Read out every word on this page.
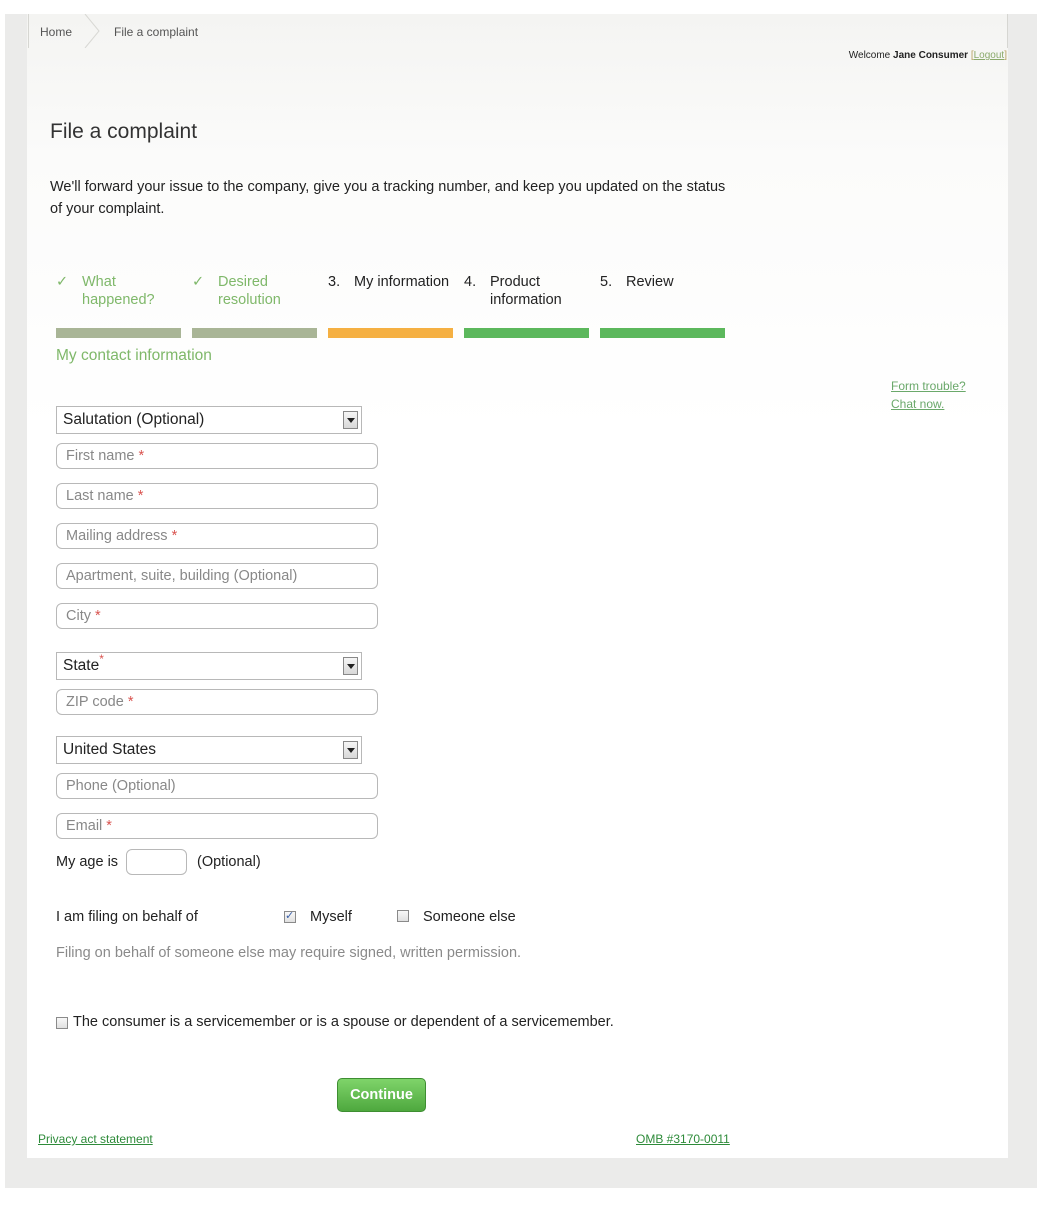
Home	File a complaint
Welcome Jane Consumer [Logout]
File a complaint

We'll forward your issue to the company, give you a tracking number, and keep you updated on the status of your complaint.

✓ What happened?
✓ Desired resolution
3. My information	4. Product information
5. Review
My contact information
Form trouble?
Chat now.
Salutation (Optional)
First name *
Last name *
Mailing address *
Apartment, suite, building (Optional)
City *
State*
ZIP code *
United States
Phone (Optional)
Email *
My age is	(Optional)
I am filing on behalf of
✓	Myself	Someone else
Filing on behalf of someone else may require signed, written permission.
The consumer is a servicemember or is a spouse or dependent of a servicemember.
Continue
Privacy act statement	OMB #3170-0011
